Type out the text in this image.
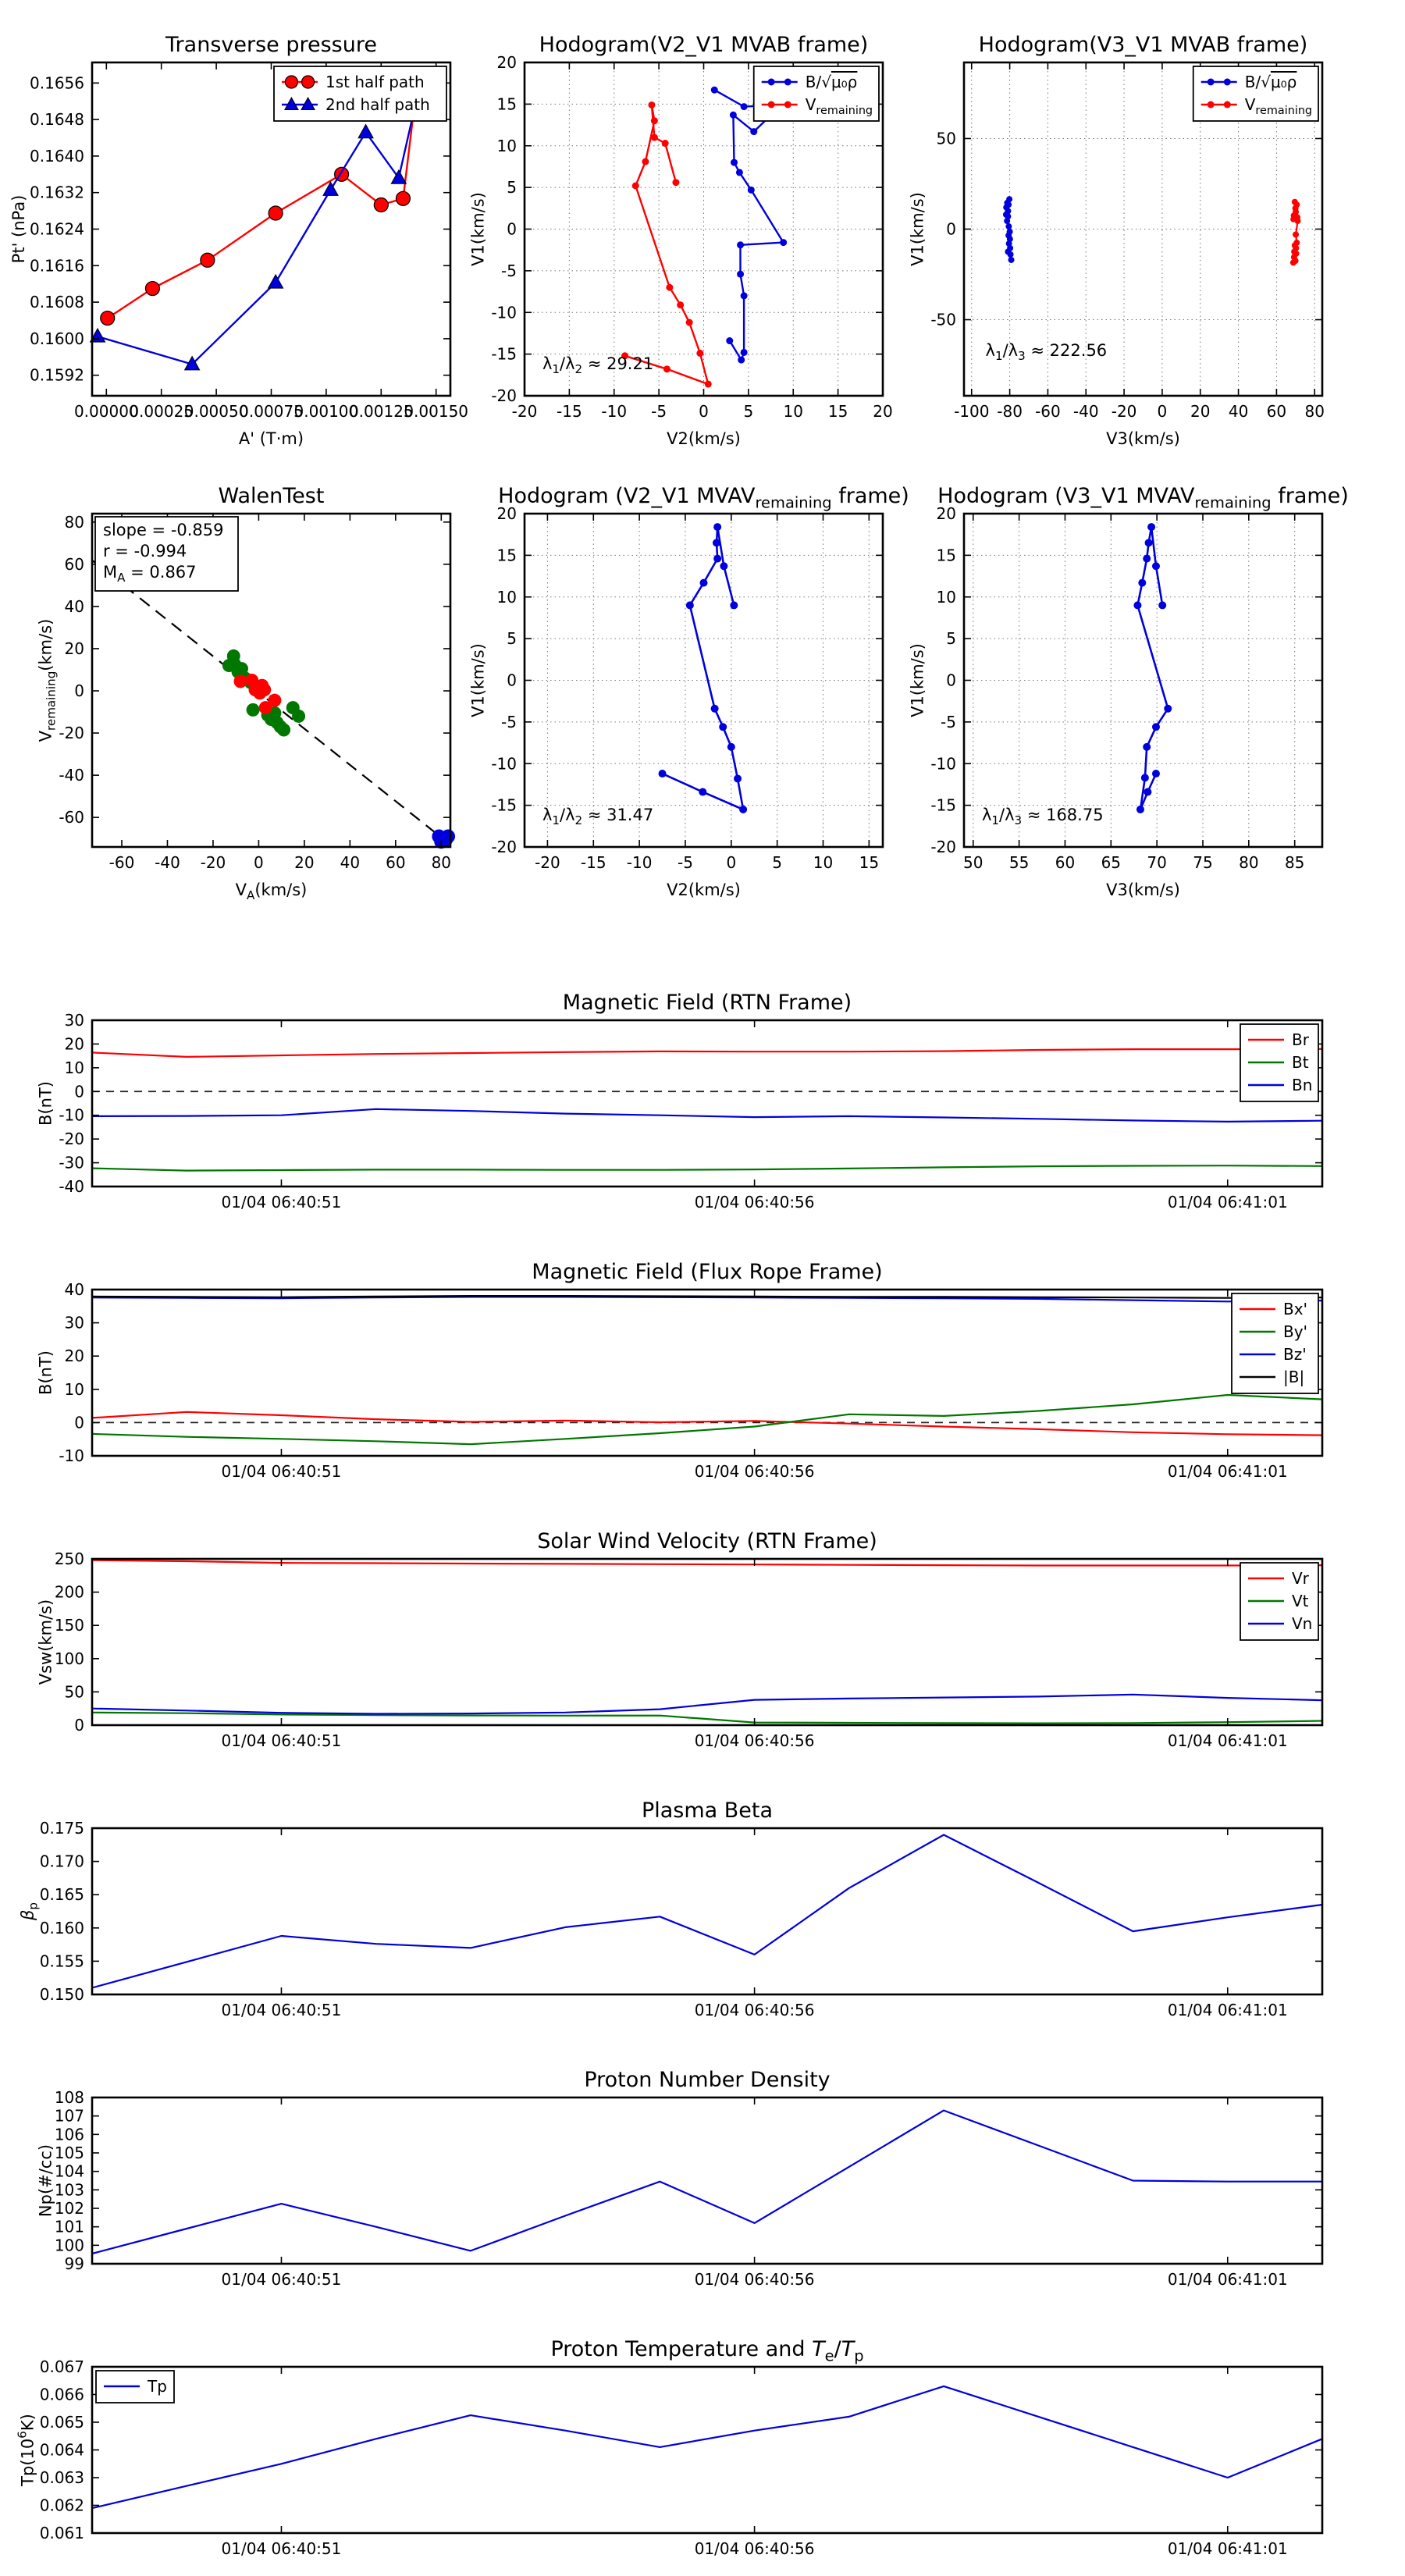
0.00000
0.00025
0.00050
0.00075
0.00100
0.00125
0.00150
0.1592
0.1600
0.1608
0.1616
0.1624
0.1632
0.1640
0.1648
0.1656
Transverse pressure
A' (T·m)
Pt' (nPa)
1st half path
2nd half path
-20 -15 -10 -5 0 5 10 15 20
-20
-15
-10
-5
0
5
10
15
20
Hodogram(V2_V1 MVAB frame)
V2(km/s)
V1(km/s)
$\lambda_1/\lambda_2 \approx 29.21$
B/√μ₀ρ
$V_{remaining}$
-100 -80 -60 -40 -20 0 20 40 60 80
-50
0
50
Hodogram(V3_V1 MVAB frame)
V3(km/s)
V1(km/s)
$\lambda_1/\lambda_3 \approx 222.56$
B/√μ₀ρ
$V_{remaining}$
-60 -40 -20 0 20 40 60 80
-60
-40
-20
0
20
40
60
80
WalenTest
$V_A(km/s)$
$V_{remaining}(km/s)$
slope = -0.859
r = -0.994
$M_A = 0.867$
-20 -15 -10 -5 0 5 10 15
-20
-15
-10
-5
0
5
10
15
20
Hodogram (V2_V1 $MVAV_{remaining}$ frame)
V2(km/s)
V1(km/s)
$\lambda_1/\lambda_2 \approx 31.47$
50 55 60 65 70 75 80 85
-20
-15
-10
-5
0
5
10
15
20
Hodogram (V3_V1 $MVAV_{remaining}$ frame)
V3(km/s)
V1(km/s)
$\lambda_1/\lambda_3 \approx 168.75$
01/04 06:40:51	01/04 06:40:56	01/04 06:41:01
-40
-30
-20
-10
0
10
20
30
Magnetic Field (RTN Frame)
B(nT)
Br
Bt
Bn
01/04 06:40:51	01/04 06:40:56	01/04 06:41:01
-10
0
10
20
30
40
Magnetic Field (Flux Rope Frame)
B(nT)
Bx'
By'
Bz'
|B|
01/04 06:40:51	01/04 06:40:56	01/04 06:41:01
0
50
100
150
200
250
Solar Wind Velocity (RTN Frame)
Vsw(km/s)
Vr
Vt
Vn
01/04 06:40:51	01/04 06:40:56	01/04 06:41:01
0.150
0.155
0.160
0.165
0.170
0.175
Plasma Beta
$\beta_p$
01/04 06:40:51	01/04 06:40:56	01/04 06:41:01
99
100
101
102
103
104
105
106
107
108
Proton Number Density
Np(#/cc)
01/04 06:40:51	01/04 06:40:56	01/04 06:41:01
0.061
0.062
0.063
0.064
0.065
0.066
0.067
Proton Temperature and $T_e/T_p$
$Tp(10^6K)$
Tp
